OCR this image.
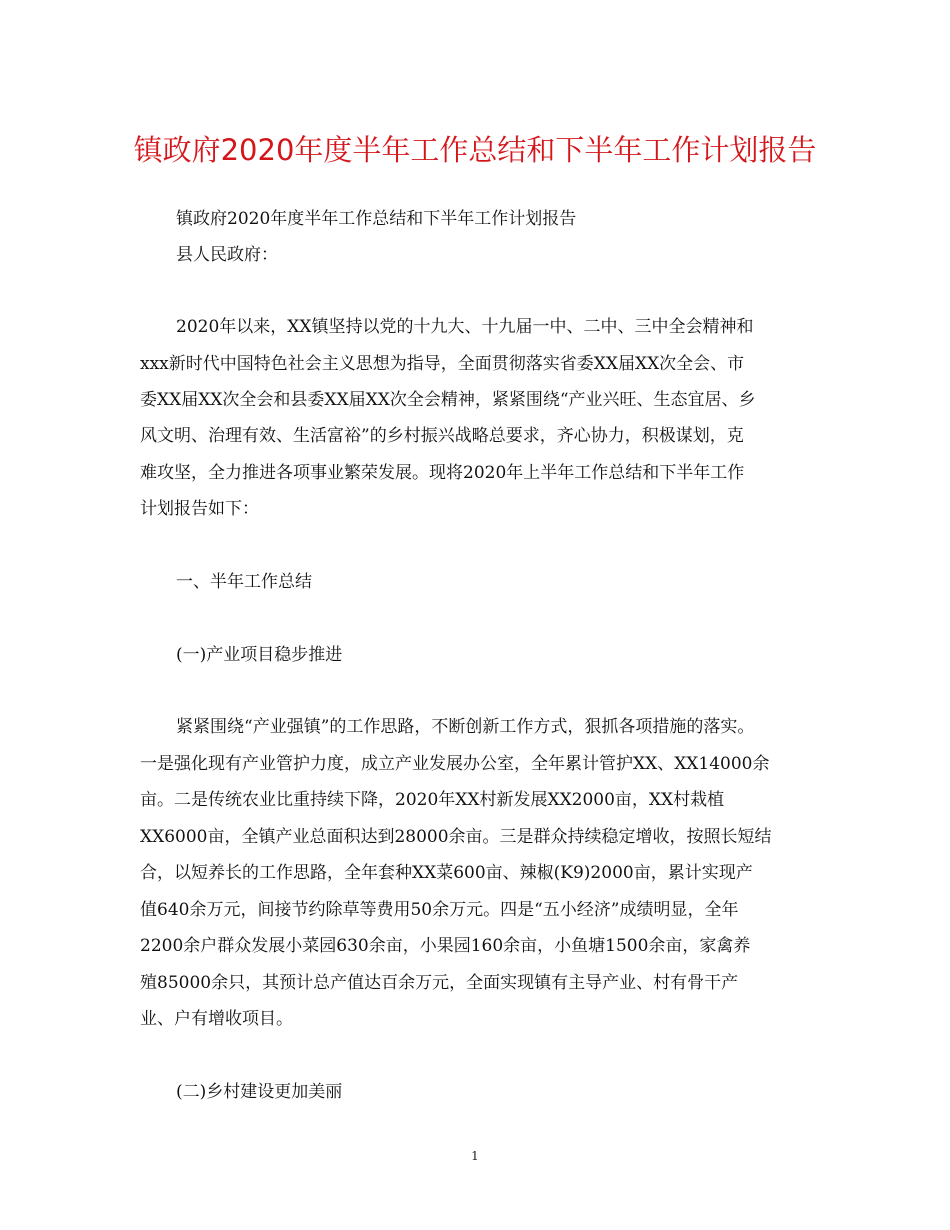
镇政府2020年度半年工作总结和下半年工作计划报告
镇政府2020年度半年工作总结和下半年工作计划报告
县人民政府：
2020年以来，XX镇坚持以党的十九大、十九届一中、二中、三中全会精神和
xxx新时代中国特色社会主义思想为指导，全面贯彻落实省委XX届XX次全会、市
委XX届XX次全会和县委XX届XX次全会精神，紧紧围绕“产业兴旺、生态宜居、乡
风文明、治理有效、生活富裕”的乡村振兴战略总要求，齐心协力，积极谋划，克
难攻坚，全力推进各项事业繁荣发展。现将2020年上半年工作总结和下半年工作
计划报告如下：
一、半年工作总结
(一)产业项目稳步推进
紧紧围绕“产业强镇”的工作思路，不断创新工作方式，狠抓各项措施的落实。
一是强化现有产业管护力度，成立产业发展办公室，全年累计管护XX、XX14000余
亩。二是传统农业比重持续下降，2020年XX村新发展XX2000亩，XX村栽植
XX6000亩，全镇产业总面积达到28000余亩。三是群众持续稳定增收，按照长短结
合，以短养长的工作思路，全年套种XX菜600亩、辣椒(K9)2000亩，累计实现产
值640余万元，间接节约除草等费用50余万元。四是“五小经济”成绩明显，全年
2200余户群众发展小菜园630余亩，小果园160余亩，小鱼塘1500余亩，家禽养
殖85000余只，其预计总产值达百余万元，全面实现镇有主导产业、村有骨干产
业、户有增收项目。
(二)乡村建设更加美丽
1
